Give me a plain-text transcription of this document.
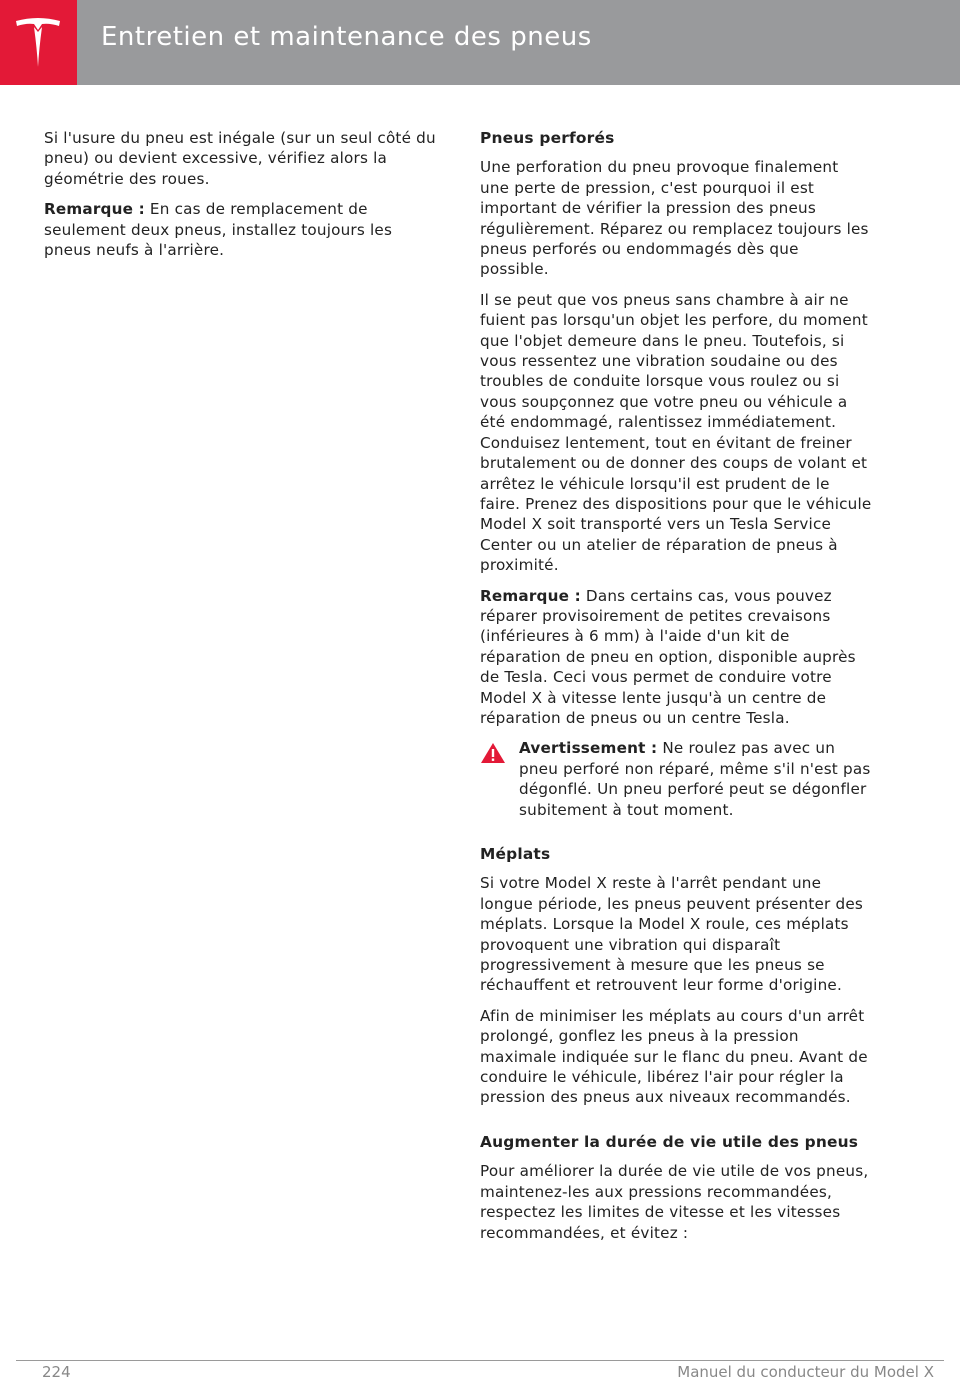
Entretien et maintenance des pneus

Si l'usure du pneu est inégale (sur un seul côté du pneu) ou devient excessive, vérifiez alors la géométrie des roues.

Remarque : En cas de remplacement de seulement deux pneus, installez toujours les pneus neufs à l'arrière.

Pneus perforés

Une perforation du pneu provoque finalement une perte de pression, c'est pourquoi il est important de vérifier la pression des pneus régulièrement. Réparez ou remplacez toujours les pneus perforés ou endommagés dès que possible.

Il se peut que vos pneus sans chambre à air ne fuient pas lorsqu'un objet les perfore, du moment que l'objet demeure dans le pneu. Toutefois, si vous ressentez une vibration soudaine ou des troubles de conduite lorsque vous roulez ou si vous soupçonnez que votre pneu ou véhicule a été endommagé, ralentissez immédiatement. Conduisez lentement, tout en évitant de freiner brutalement ou de donner des coups de volant et arrêtez le véhicule lorsqu'il est prudent de le faire. Prenez des dispositions pour que le véhicule Model X soit transporté vers un Tesla Service Center ou un atelier de réparation de pneus à proximité.

Remarque : Dans certains cas, vous pouvez réparer provisoirement de petites crevaisons (inférieures à 6 mm) à l'aide d'un kit de réparation de pneu en option, disponible auprès de Tesla. Ceci vous permet de conduire votre Model X à vitesse lente jusqu'à un centre de réparation de pneus ou un centre Tesla.

Avertissement : Ne roulez pas avec un pneu perforé non réparé, même s'il n'est pas dégonflé. Un pneu perforé peut se dégonfler subitement à tout moment.
Méplats

Si votre Model X reste à l'arrêt pendant une longue période, les pneus peuvent présenter des méplats. Lorsque la Model X roule, ces méplats provoquent une vibration qui disparaît progressivement à mesure que les pneus se réchauffent et retrouvent leur forme d'origine.

Afin de minimiser les méplats au cours d'un arrêt prolongé, gonflez les pneus à la pression maximale indiquée sur le flanc du pneu. Avant de conduire le véhicule, libérez l'air pour régler la pression des pneus aux niveaux recommandés.

Augmenter la durée de vie utile des pneus

Pour améliorer la durée de vie utile de vos pneus, maintenez-les aux pressions recommandées, respectez les limites de vitesse et les vitesses recommandées, et évitez :

224	Manuel du conducteur du Model X
